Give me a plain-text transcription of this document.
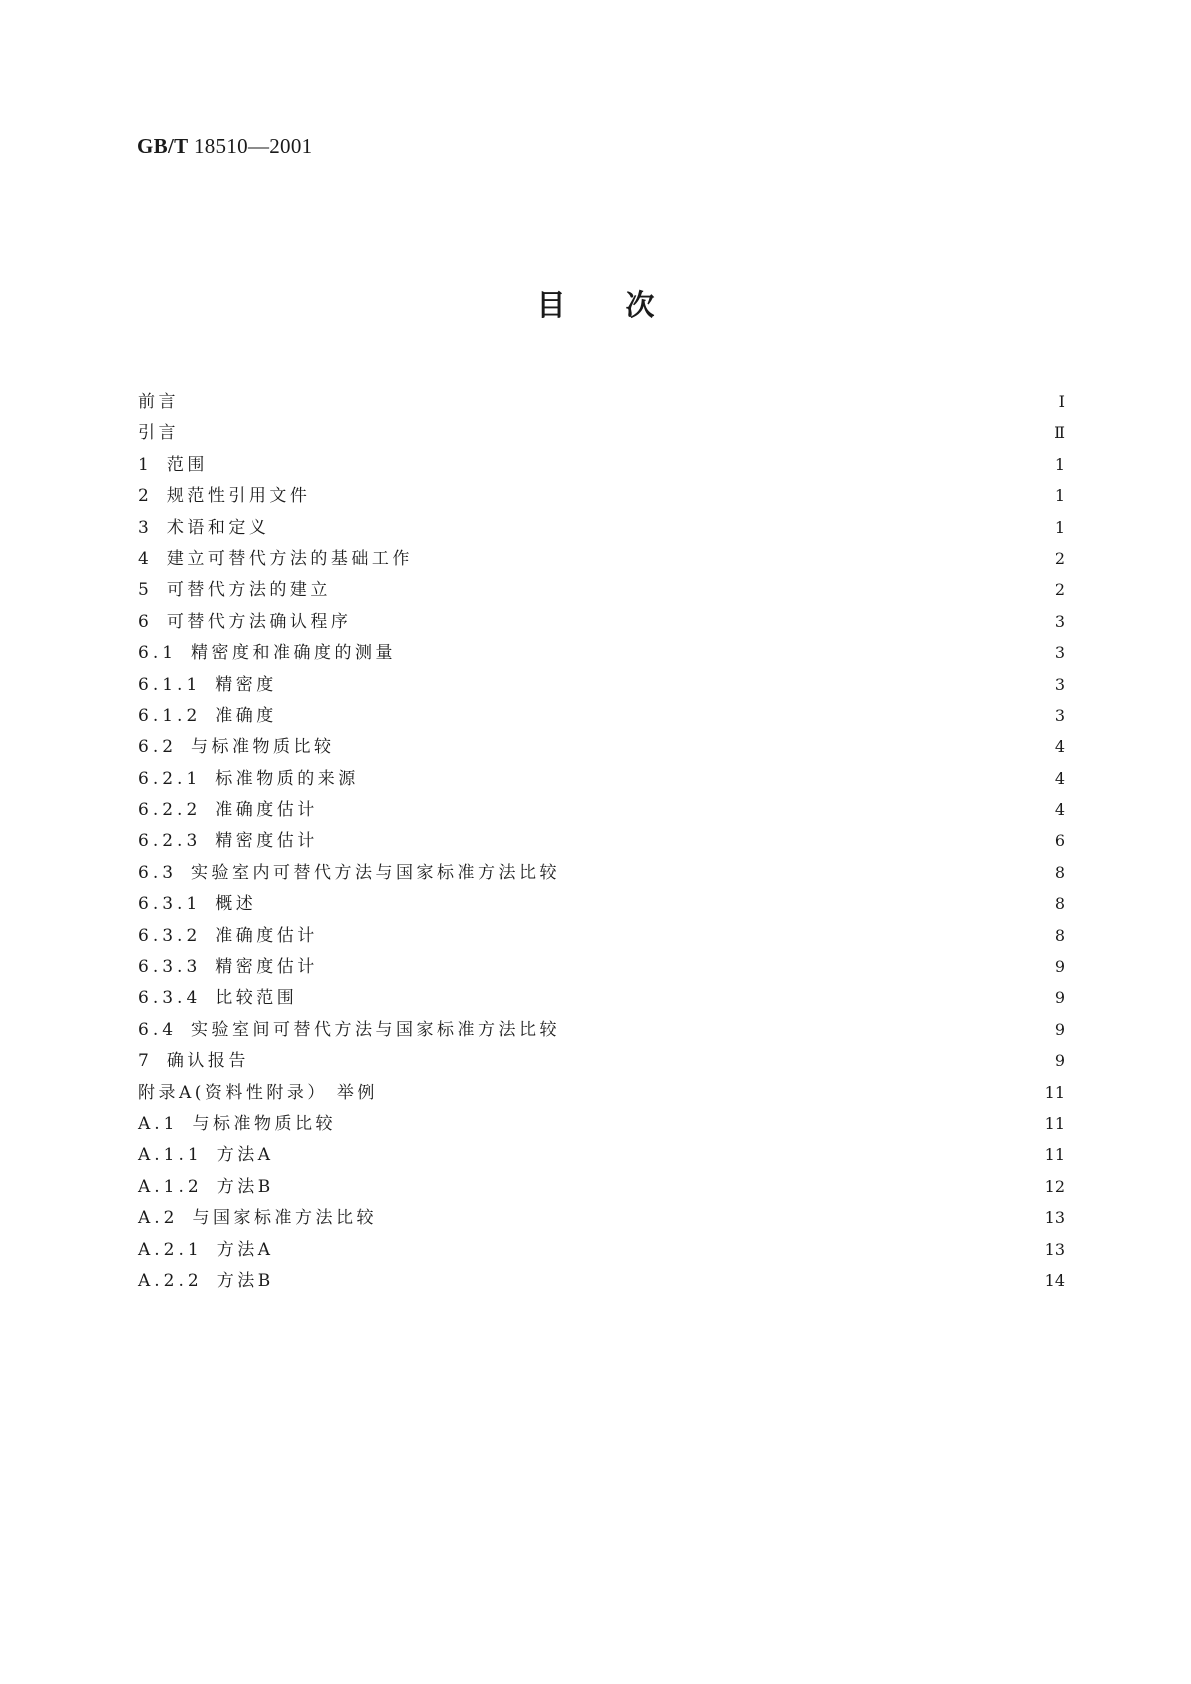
GB/T 18510—2001
目次
前言	Ⅰ
引言	Ⅱ
1 范围	1
2 规范性引用文件	1
3 术语和定义	1
4 建立可替代方法的基础工作	2
5 可替代方法的建立	2
6 可替代方法确认程序	3
6.1 精密度和准确度的测量	3
6.1.1 精密度	3
6.1.2 准确度	3
6.2 与标准物质比较	4
6.2.1 标准物质的来源	4
6.2.2 准确度估计	4
6.2.3 精密度估计	6
6.3 实验室内可替代方法与国家标准方法比较	8
6.3.1 概述	8
6.3.2 准确度估计	8
6.3.3 精密度估计	9
6.3.4 比较范围	9
6.4 实验室间可替代方法与国家标准方法比较	9
7 确认报告	9
附录A(资料性附录） 举例	11
A.1 与标准物质比较	11
A.1.1 方法A	11
A.1.2 方法B	12
A.2 与国家标准方法比较	13
A.2.1 方法A	13
A.2.2 方法B	14
